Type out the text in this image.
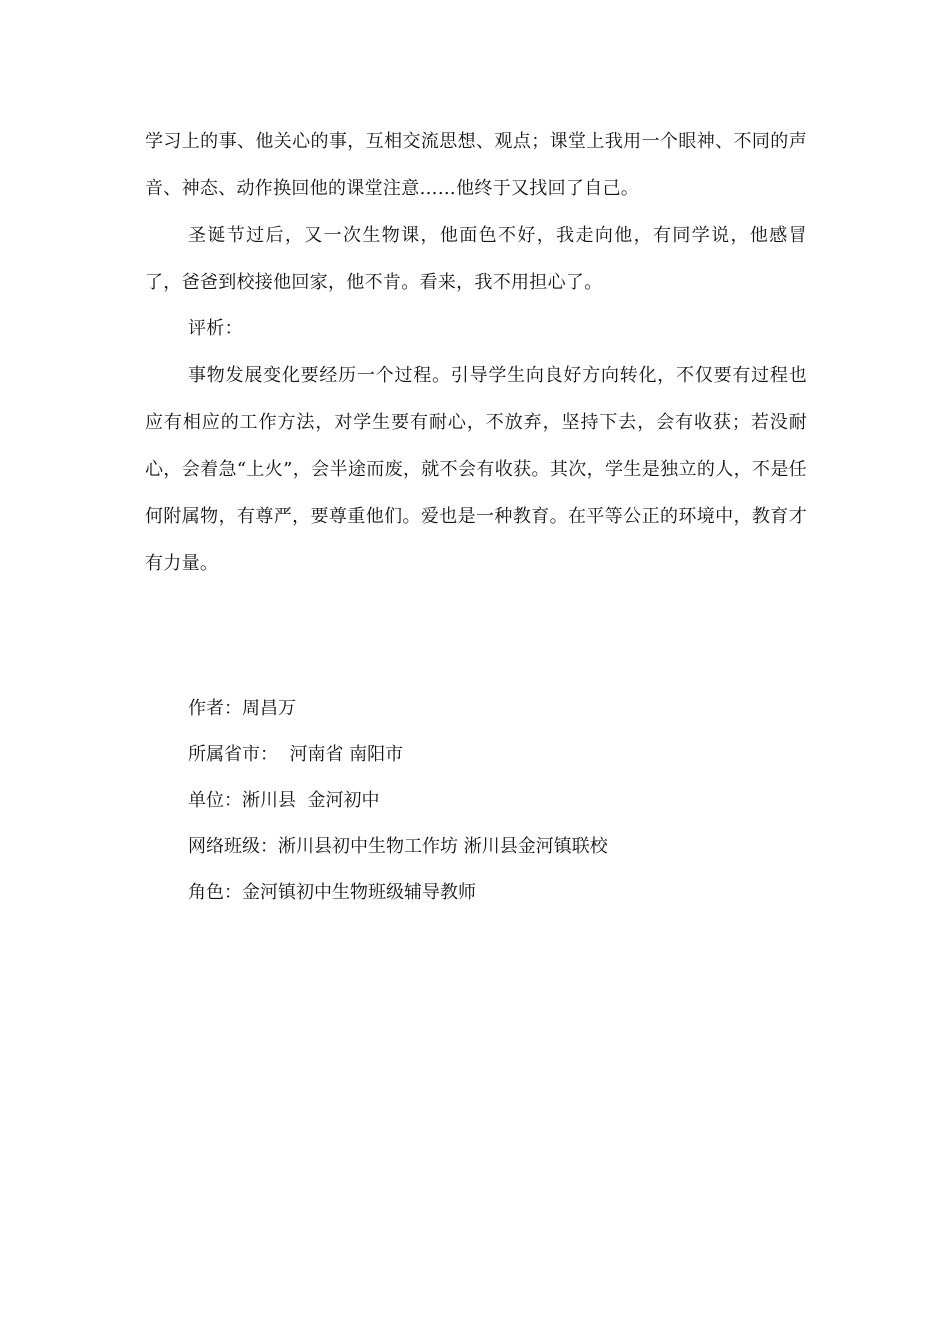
学习上的事、他关心的事，互相交流思想、观点；课堂上我用一个眼神、不同的声音、神态、动作换回他的课堂注意……他终于又找回了自己。

圣诞节过后，又一次生物课，他面色不好，我走向他，有同学说，他感冒了，爸爸到校接他回家，他不肯。看来，我不用担心了。

评析：

事物发展变化要经历一个过程。引导学生向良好方向转化，不仅要有过程也应有相应的工作方法，对学生要有耐心，不放弃，坚持下去，会有收获；若没耐心，会着急“上火”，会半途而废，就不会有收获。其次，学生是独立的人，不是任何附属物，有尊严，要尊重他们。爱也是一种教育。在平等公正的环境中，教育才有力量。

作者：周昌万

所属省市：  河南省 南阳市

单位：淅川县  金河初中

网络班级：淅川县初中生物工作坊 淅川县金河镇联校

角色：金河镇初中生物班级辅导教师
